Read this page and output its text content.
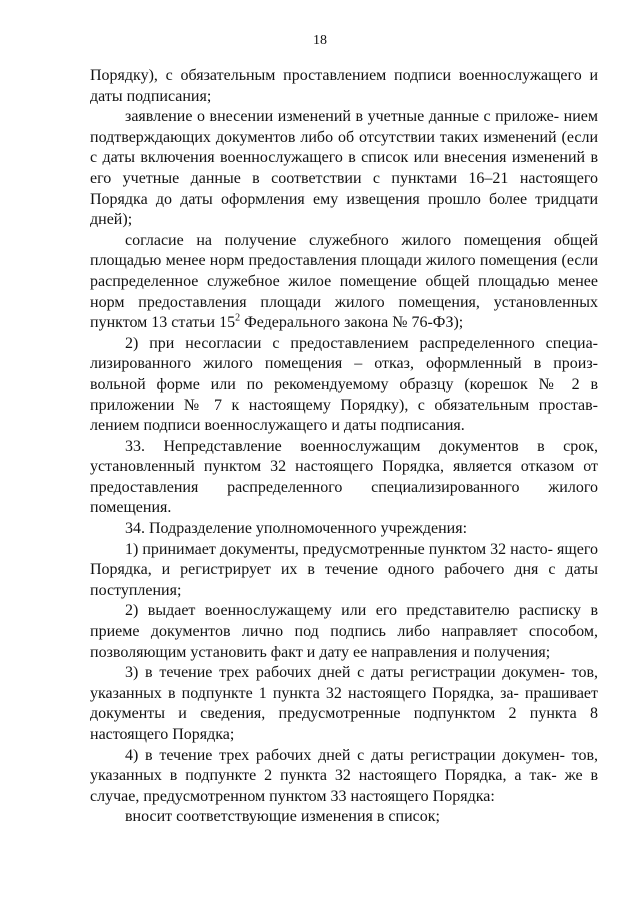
18

Порядку), с обязательным проставлением подписи военнослужащего и даты подписания;

заявление о внесении изменений в учетные данные с приложе- нием подтверждающих документов либо об отсутствии таких изменений (если с даты включения военнослужащего в список или внесения изменений в его учетные данные в соответствии с пунктами 16–21 настоящего Порядка до даты оформления ему извещения прошло более тридцати дней);

согласие на получение служебного жилого помещения общей площадью менее норм предоставления площади жилого помещения (если распределенное служебное жилое помещение общей площадью менее норм предоставления площади жилого помещения, установленных пунктом 13 статьи $15^2$ Федерального закона № 76-ФЗ);

2) при несогласии с предоставлением распределенного специа- лизированного жилого помещения – отказ, оформленный в произ- вольной форме или по рекомендуемому образцу (корешок № 2 в приложении № 7 к настоящему Порядку), с обязательным простав- лением подписи военнослужащего и даты подписания.

33. Непредставление военнослужащим документов в срок, установленный пунктом 32 настоящего Порядка, является отказом от предоставления распределенного специализированного жилого помещения.

34. Подразделение уполномоченного учреждения:

1) принимает документы, предусмотренные пунктом 32 насто- ящего Порядка, и регистрирует их в течение одного рабочего дня с даты поступления;

2) выдает военнослужащему или его представителю расписку в приеме документов лично под подпись либо направляет способом, позволяющим установить факт и дату ее направления и получения;

3) в течение трех рабочих дней с даты регистрации докумен- тов, указанных в подпункте 1 пункта 32 настоящего Порядка, за- прашивает документы и сведения, предусмотренные подпунктом 2 пункта 8 настоящего Порядка;

4) в течение трех рабочих дней с даты регистрации докумен- тов, указанных в подпункте 2 пункта 32 настоящего Порядка, а так- же в случае, предусмотренном пунктом 33 настоящего Порядка:

вносит соответствующие изменения в список;
